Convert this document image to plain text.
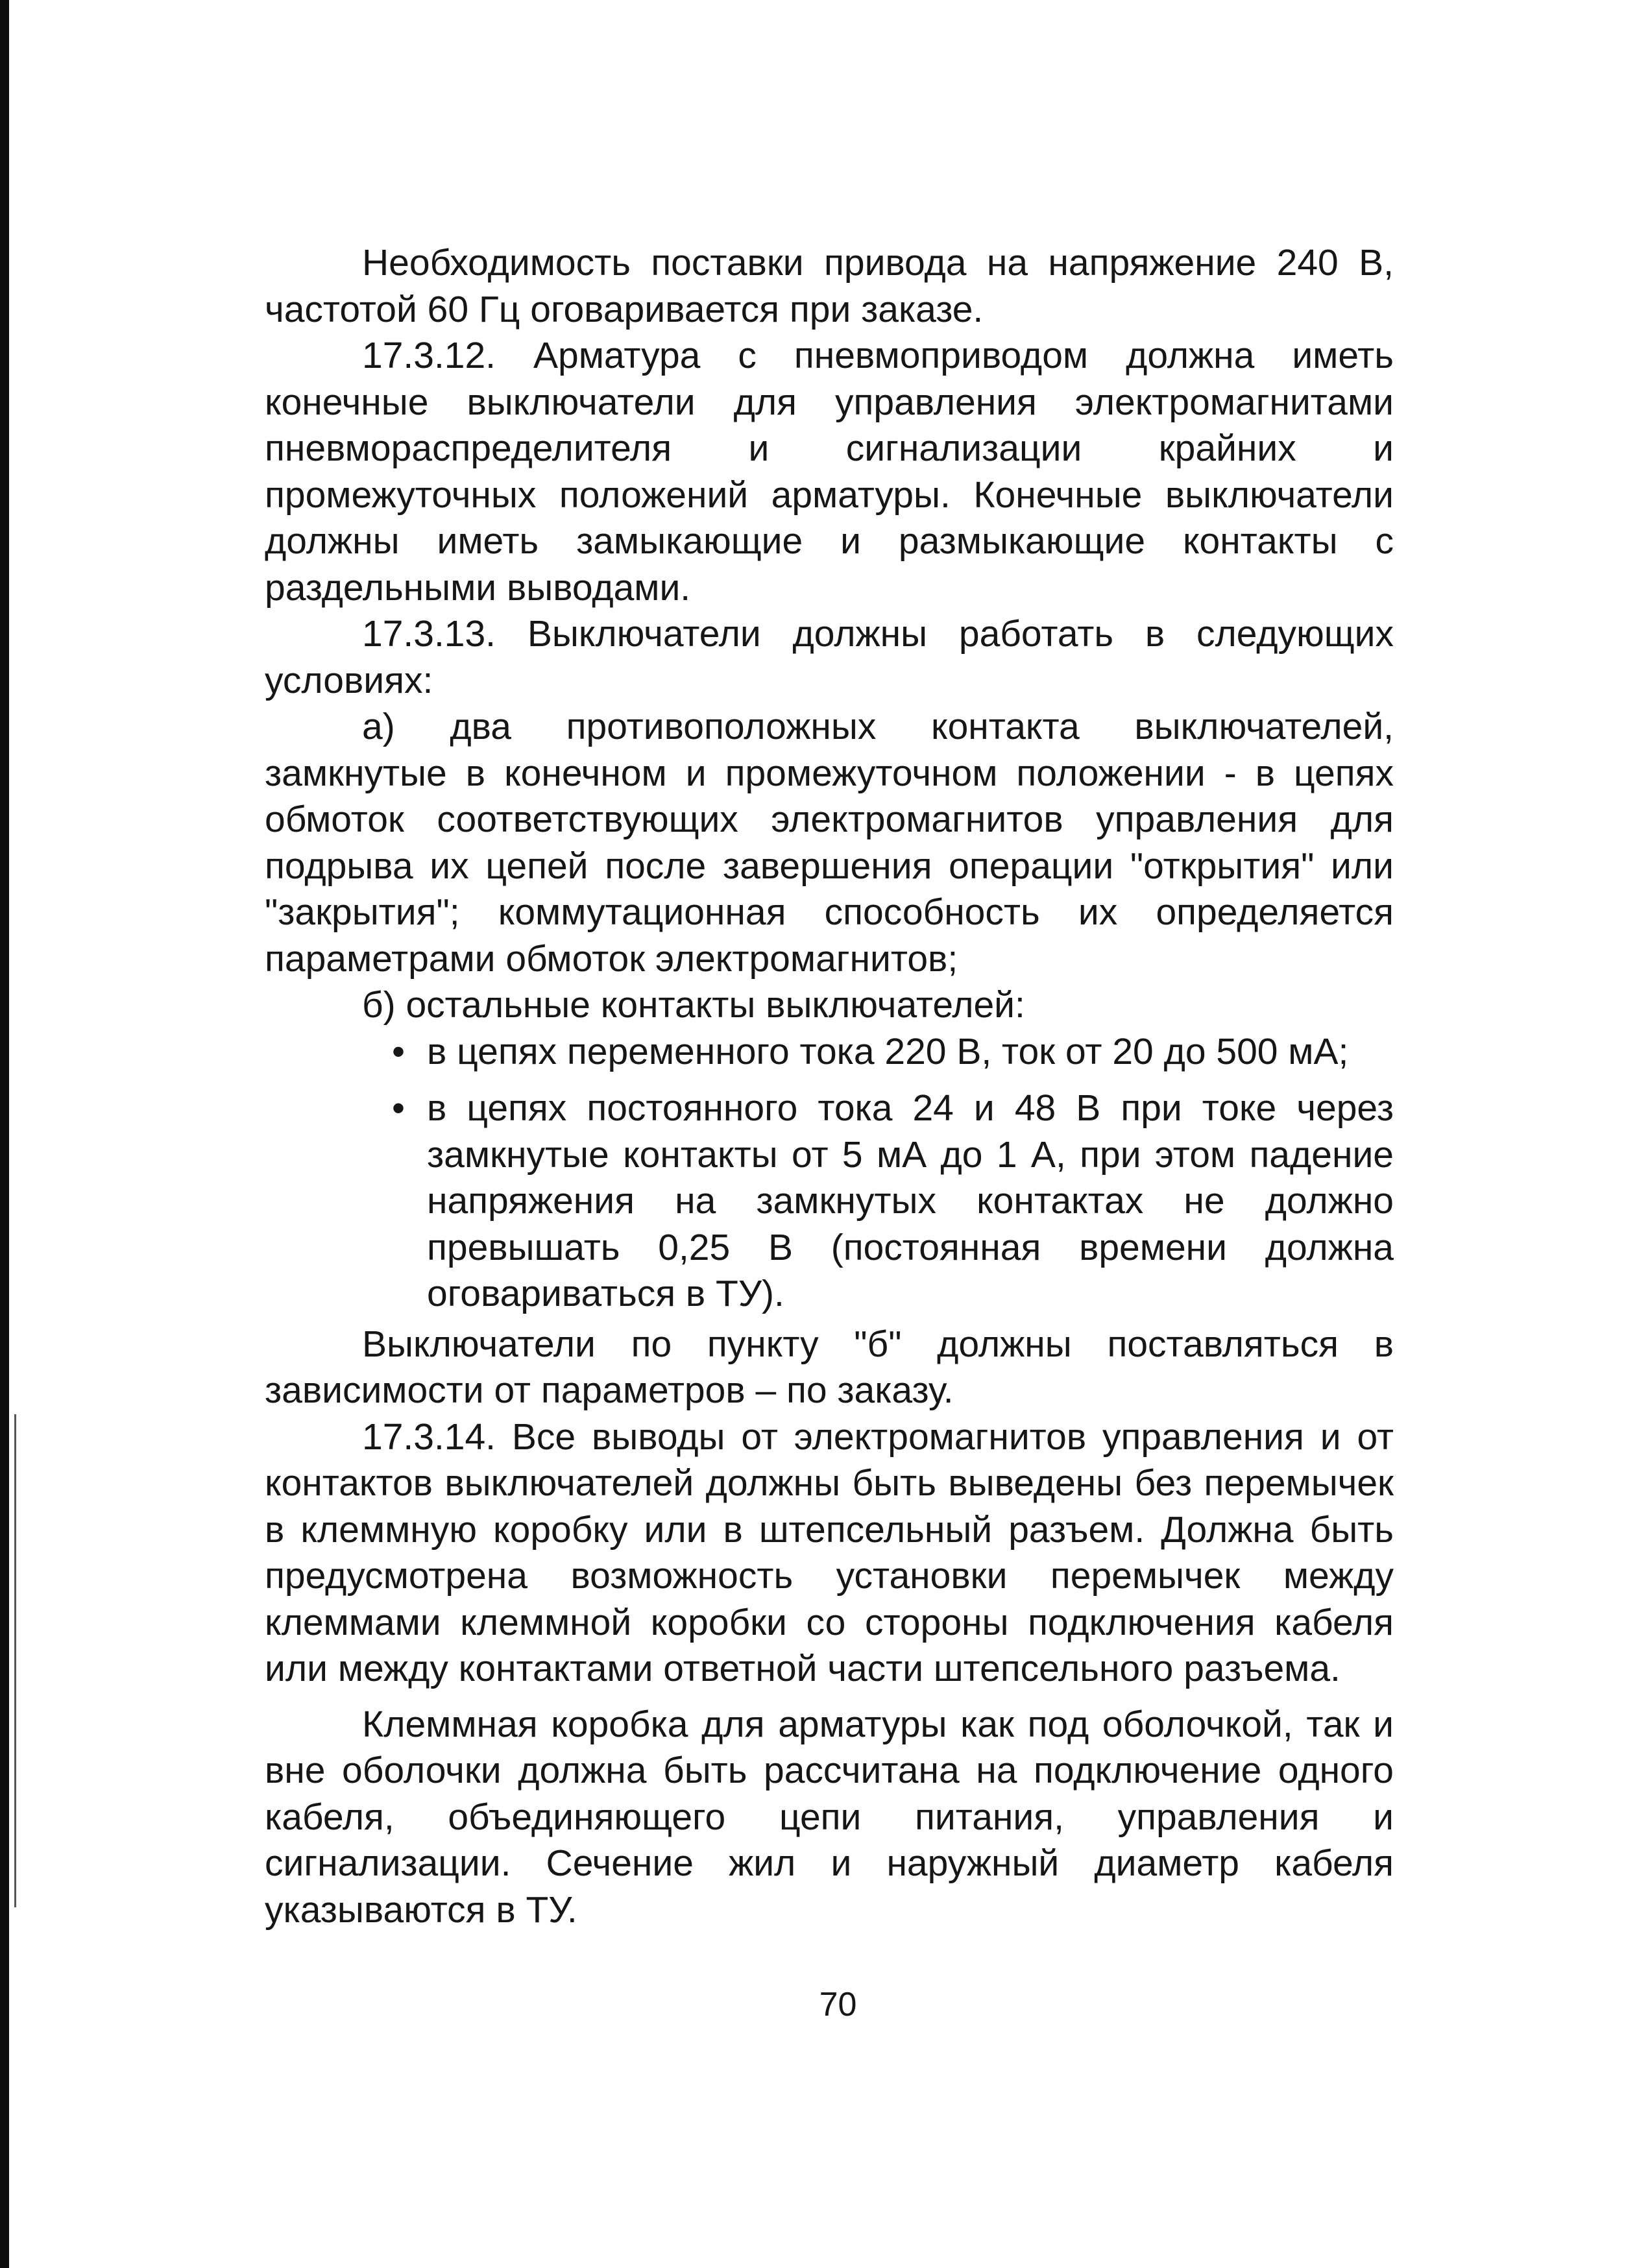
Необходимость поставки привода на напряжение 240 В, частотой 60 Гц оговаривается при заказе.

17.3.12. Арматура с пневмоприводом должна иметь конечные выключатели для управления электромагнитами пневмораспределителя и сигнализации крайних и промежуточных положений арматуры. Конечные выключатели должны иметь замыкающие и размыкающие контакты с раздельными выводами.

17.3.13. Выключатели должны работать в следующих условиях:

а) два противоположных контакта выключателей, замкнутые в конечном и промежуточном положении - в цепях обмоток соответствующих электромагнитов управления для подрыва их цепей после завершения операции "открытия" или "закрытия"; коммутационная способность их определяется параметрами обмоток электромагнитов;

б) остальные контакты выключателей:

• в цепях переменного тока 220 В, ток от 20 до 500 мА;
• в цепях постоянного тока 24 и 48 В при токе через замкнутые контакты от 5 мА до 1 А, при этом падение напряжения на замкнутых контактах не должно превышать 0,25 В (постоянная времени должна оговариваться в ТУ).

Выключатели по пункту "б" должны поставляться в зависимости от параметров – по заказу.

17.3.14. Все выводы от электромагнитов управления и от контактов выключателей должны быть выведены без перемычек в клеммную коробку или в штепсельный разъем. Должна быть предусмотрена возможность установки перемычек между клеммами клеммной коробки со стороны подключения кабеля или между контактами ответной части штепсельного разъема.

Клеммная коробка для арматуры как под оболочкой, так и вне оболочки должна быть рассчитана на подключение одного кабеля, объединяющего цепи питания, управления и сигнализации. Сечение жил и наружный диаметр кабеля указываются в ТУ.

70
